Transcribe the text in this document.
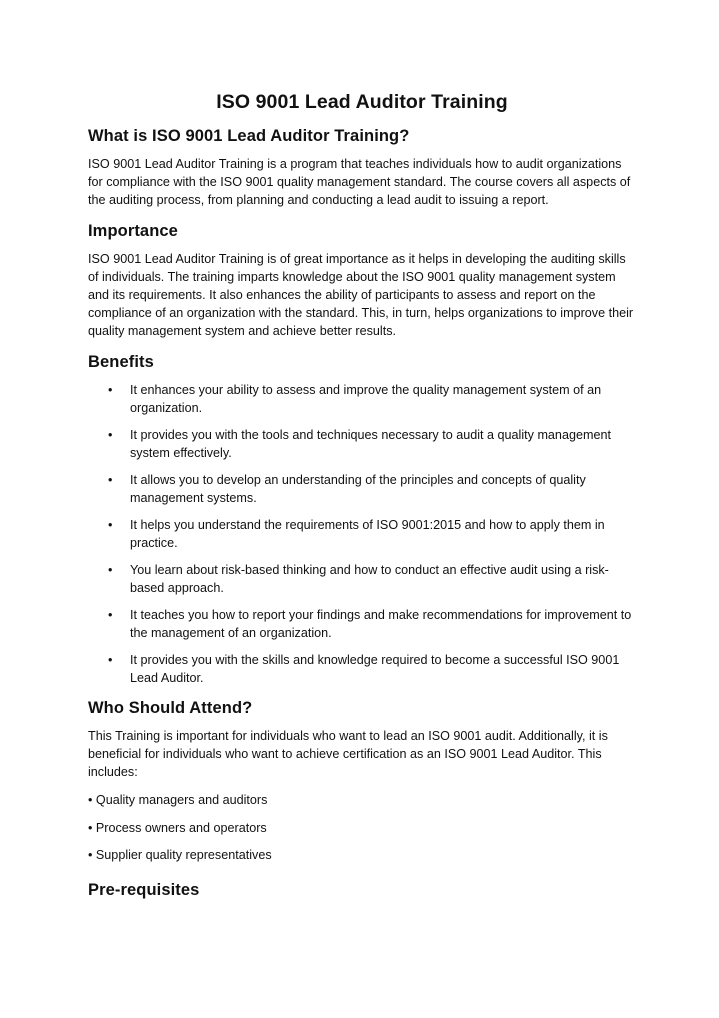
ISO 9001 Lead Auditor Training
What is ISO 9001 Lead Auditor Training?

ISO 9001 Lead Auditor Training is a program that teaches individuals how to audit organizations for compliance with the ISO 9001 quality management standard. The course covers all aspects of the auditing process, from planning and conducting a lead audit to issuing a report.

Importance

ISO 9001 Lead Auditor Training is of great importance as it helps in developing the auditing skills of individuals. The training imparts knowledge about the ISO 9001 quality management system and its requirements. It also enhances the ability of participants to assess and report on the compliance of an organization with the standard. This, in turn, helps organizations to improve their quality management system and achieve better results.

Benefits
• It enhances your ability to assess and improve the quality management system of an organization.
• It provides you with the tools and techniques necessary to audit a quality management system effectively.
• It allows you to develop an understanding of the principles and concepts of quality management systems.
• It helps you understand the requirements of ISO 9001:2015 and how to apply them in practice.
• You learn about risk-based thinking and how to conduct an effective audit using a risk-based approach.
• It teaches you how to report your findings and make recommendations for improvement to the management of an organization.
• It provides you with the skills and knowledge required to become a successful ISO 9001 Lead Auditor.
Who Should Attend?

This Training is important for individuals who want to lead an ISO 9001 audit. Additionally, it is beneficial for individuals who want to achieve certification as an ISO 9001 Lead Auditor. This includes:

• Quality managers and auditors
• Process owners and operators
• Supplier quality representatives
Pre-requisites
